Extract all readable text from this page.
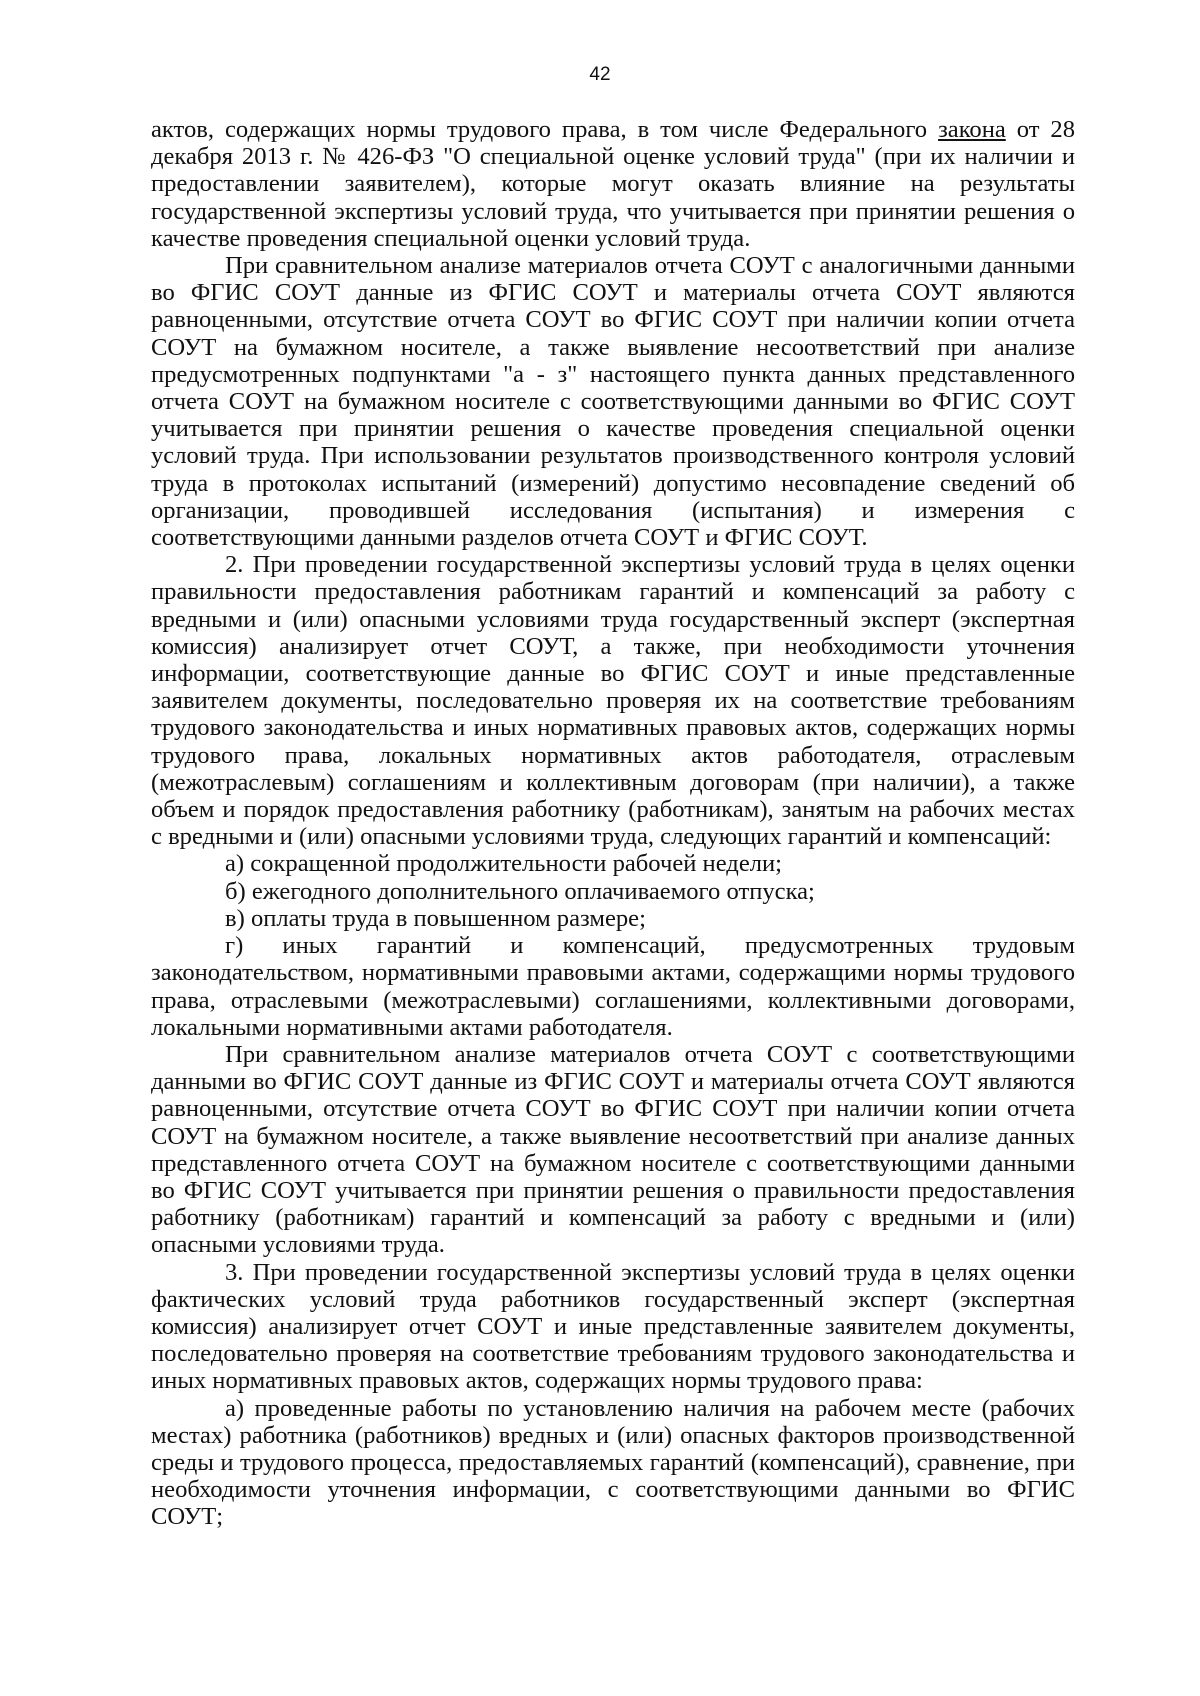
42

актов, содержащих нормы трудового права, в том числе Федерального закона от 28 декабря 2013 г. № 426-ФЗ "О специальной оценке условий труда" (при их наличии и предоставлении заявителем), которые могут оказать влияние на результаты государственной экспертизы условий труда, что учитывается при принятии решения о качестве проведения специальной оценки условий труда.

При сравнительном анализе материалов отчета СОУТ с аналогичными данными во ФГИС СОУТ данные из ФГИС СОУТ и материалы отчета СОУТ являются равноценными, отсутствие отчета СОУТ во ФГИС СОУТ при наличии копии отчета СОУТ на бумажном носителе, а также выявление несоответствий при анализе предусмотренных подпунктами "а - з" настоящего пункта данных представленного отчета СОУТ на бумажном носителе с соответствующими данными во ФГИС СОУТ учитывается при принятии решения о качестве проведения специальной оценки условий труда. При использовании результатов производственного контроля условий труда в протоколах испытаний (измерений) допустимо несовпадение сведений об организации, проводившей исследования (испытания) и измерения с соответствующими данными разделов отчета СОУТ и ФГИС СОУТ.

2. При проведении государственной экспертизы условий труда в целях оценки правильности предоставления работникам гарантий и компенсаций за работу с вредными и (или) опасными условиями труда государственный эксперт (экспертная комиссия) анализирует отчет СОУТ, а также, при необходимости уточнения информации, соответствующие данные во ФГИС СОУТ и иные представленные заявителем документы, последовательно проверяя их на соответствие требованиям трудового законодательства и иных нормативных правовых актов, содержащих нормы трудового права, локальных нормативных актов работодателя, отраслевым (межотраслевым) соглашениям и коллективным договорам (при наличии), а также объем и порядок предоставления работнику (работникам), занятым на рабочих местах с вредными и (или) опасными условиями труда, следующих гарантий и компенсаций:

а) сокращенной продолжительности рабочей недели;

б) ежегодного дополнительного оплачиваемого отпуска;

в) оплаты труда в повышенном размере;

г) иных гарантий и компенсаций, предусмотренных трудовым законодательством, нормативными правовыми актами, содержащими нормы трудового права, отраслевыми (межотраслевыми) соглашениями, коллективными договорами, локальными нормативными актами работодателя.

При сравнительном анализе материалов отчета СОУТ с соответствующими данными во ФГИС СОУТ данные из ФГИС СОУТ и материалы отчета СОУТ являются равноценными, отсутствие отчета СОУТ во ФГИС СОУТ при наличии копии отчета СОУТ на бумажном носителе, а также выявление несоответствий при анализе данных представленного отчета СОУТ на бумажном носителе с соответствующими данными во ФГИС СОУТ учитывается при принятии решения о правильности предоставления работнику (работникам) гарантий и компенсаций за работу с вредными и (или) опасными условиями труда.

3. При проведении государственной экспертизы условий труда в целях оценки фактических условий труда работников государственный эксперт (экспертная комиссия) анализирует отчет СОУТ и иные представленные заявителем документы, последовательно проверяя на соответствие требованиям трудового законодательства и иных нормативных правовых актов, содержащих нормы трудового права:

а) проведенные работы по установлению наличия на рабочем месте (рабочих местах) работника (работников) вредных и (или) опасных факторов производственной среды и трудового процесса, предоставляемых гарантий (компенсаций), сравнение, при необходимости уточнения информации, с соответствующими данными во ФГИС СОУТ;
